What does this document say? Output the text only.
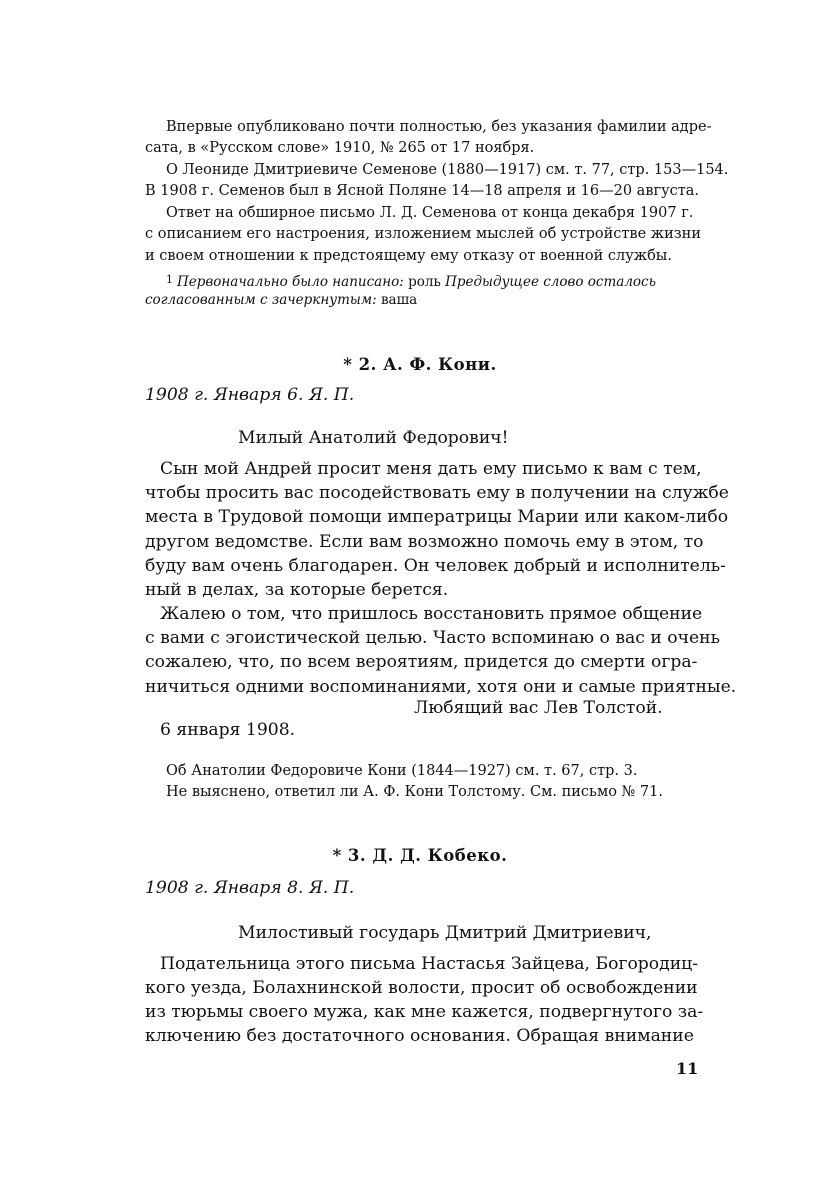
Впервые опубликовано почти полностью, без указания фамилии адре-
сата, в «Русском слове» 1910, № 265 от 17 ноября.
О Леониде Дмитриевиче Семенове (1880—1917) см. т. 77, стр. 153—154.
В 1908 г. Семенов был в Ясной Поляне 14—18 апреля и 16—20 августа.
Ответ на обширное письмо Л. Д. Семенова от конца декабря 1907 г.
с описанием его настроения, изложением мыслей об устройстве жизни
и своем отношении к предстоящему ему отказу от военной службы.
$^1$ Первоначально было написано: роль Предыдущее слово осталось
согласованным с зачеркнутым: ваша
* 2. А. Ф. Кони.
1908 г. Января 6. Я. П.
Милый Анатолий Федорович!
Сын мой Андрей просит меня дать ему письмо к вам с тем,
чтобы просить вас посодействовать ему в получении на службе
места в Трудовой помощи императрицы Марии или каком-либо
другом ведомстве. Если вам возможно помочь ему в этом, то
буду вам очень благодарен. Он человек добрый и исполнитель-
ный в делах, за которые берется.
Жалею о том, что пришлось восстановить прямое общение
с вами с эгоистической целью. Часто вспоминаю о вас и очень
сожалею, что, по всем вероятиям, придется до смерти огра-
ничиться одними воспоминаниями, хотя они и самые приятные.
Любящий вас Лев Толстой.
6 января 1908.
Об Анатолии Федоровиче Кони (1844—1927) см. т. 67, стр. 3.
Не выяснено, ответил ли А. Ф. Кони Толстому. См. письмо № 71.
* 3. Д. Д. Кобеко.
1908 г. Января 8. Я. П.
Милостивый государь Дмитрий Дмитриевич,
Подательница этого письма Настасья Зайцева, Богородиц-
кого уезда, Болахнинской волости, просит об освобождении
из тюрьмы своего мужа, как мне кажется, подвергнутого за-
ключению без достаточного основания. Обращая внимание
11
